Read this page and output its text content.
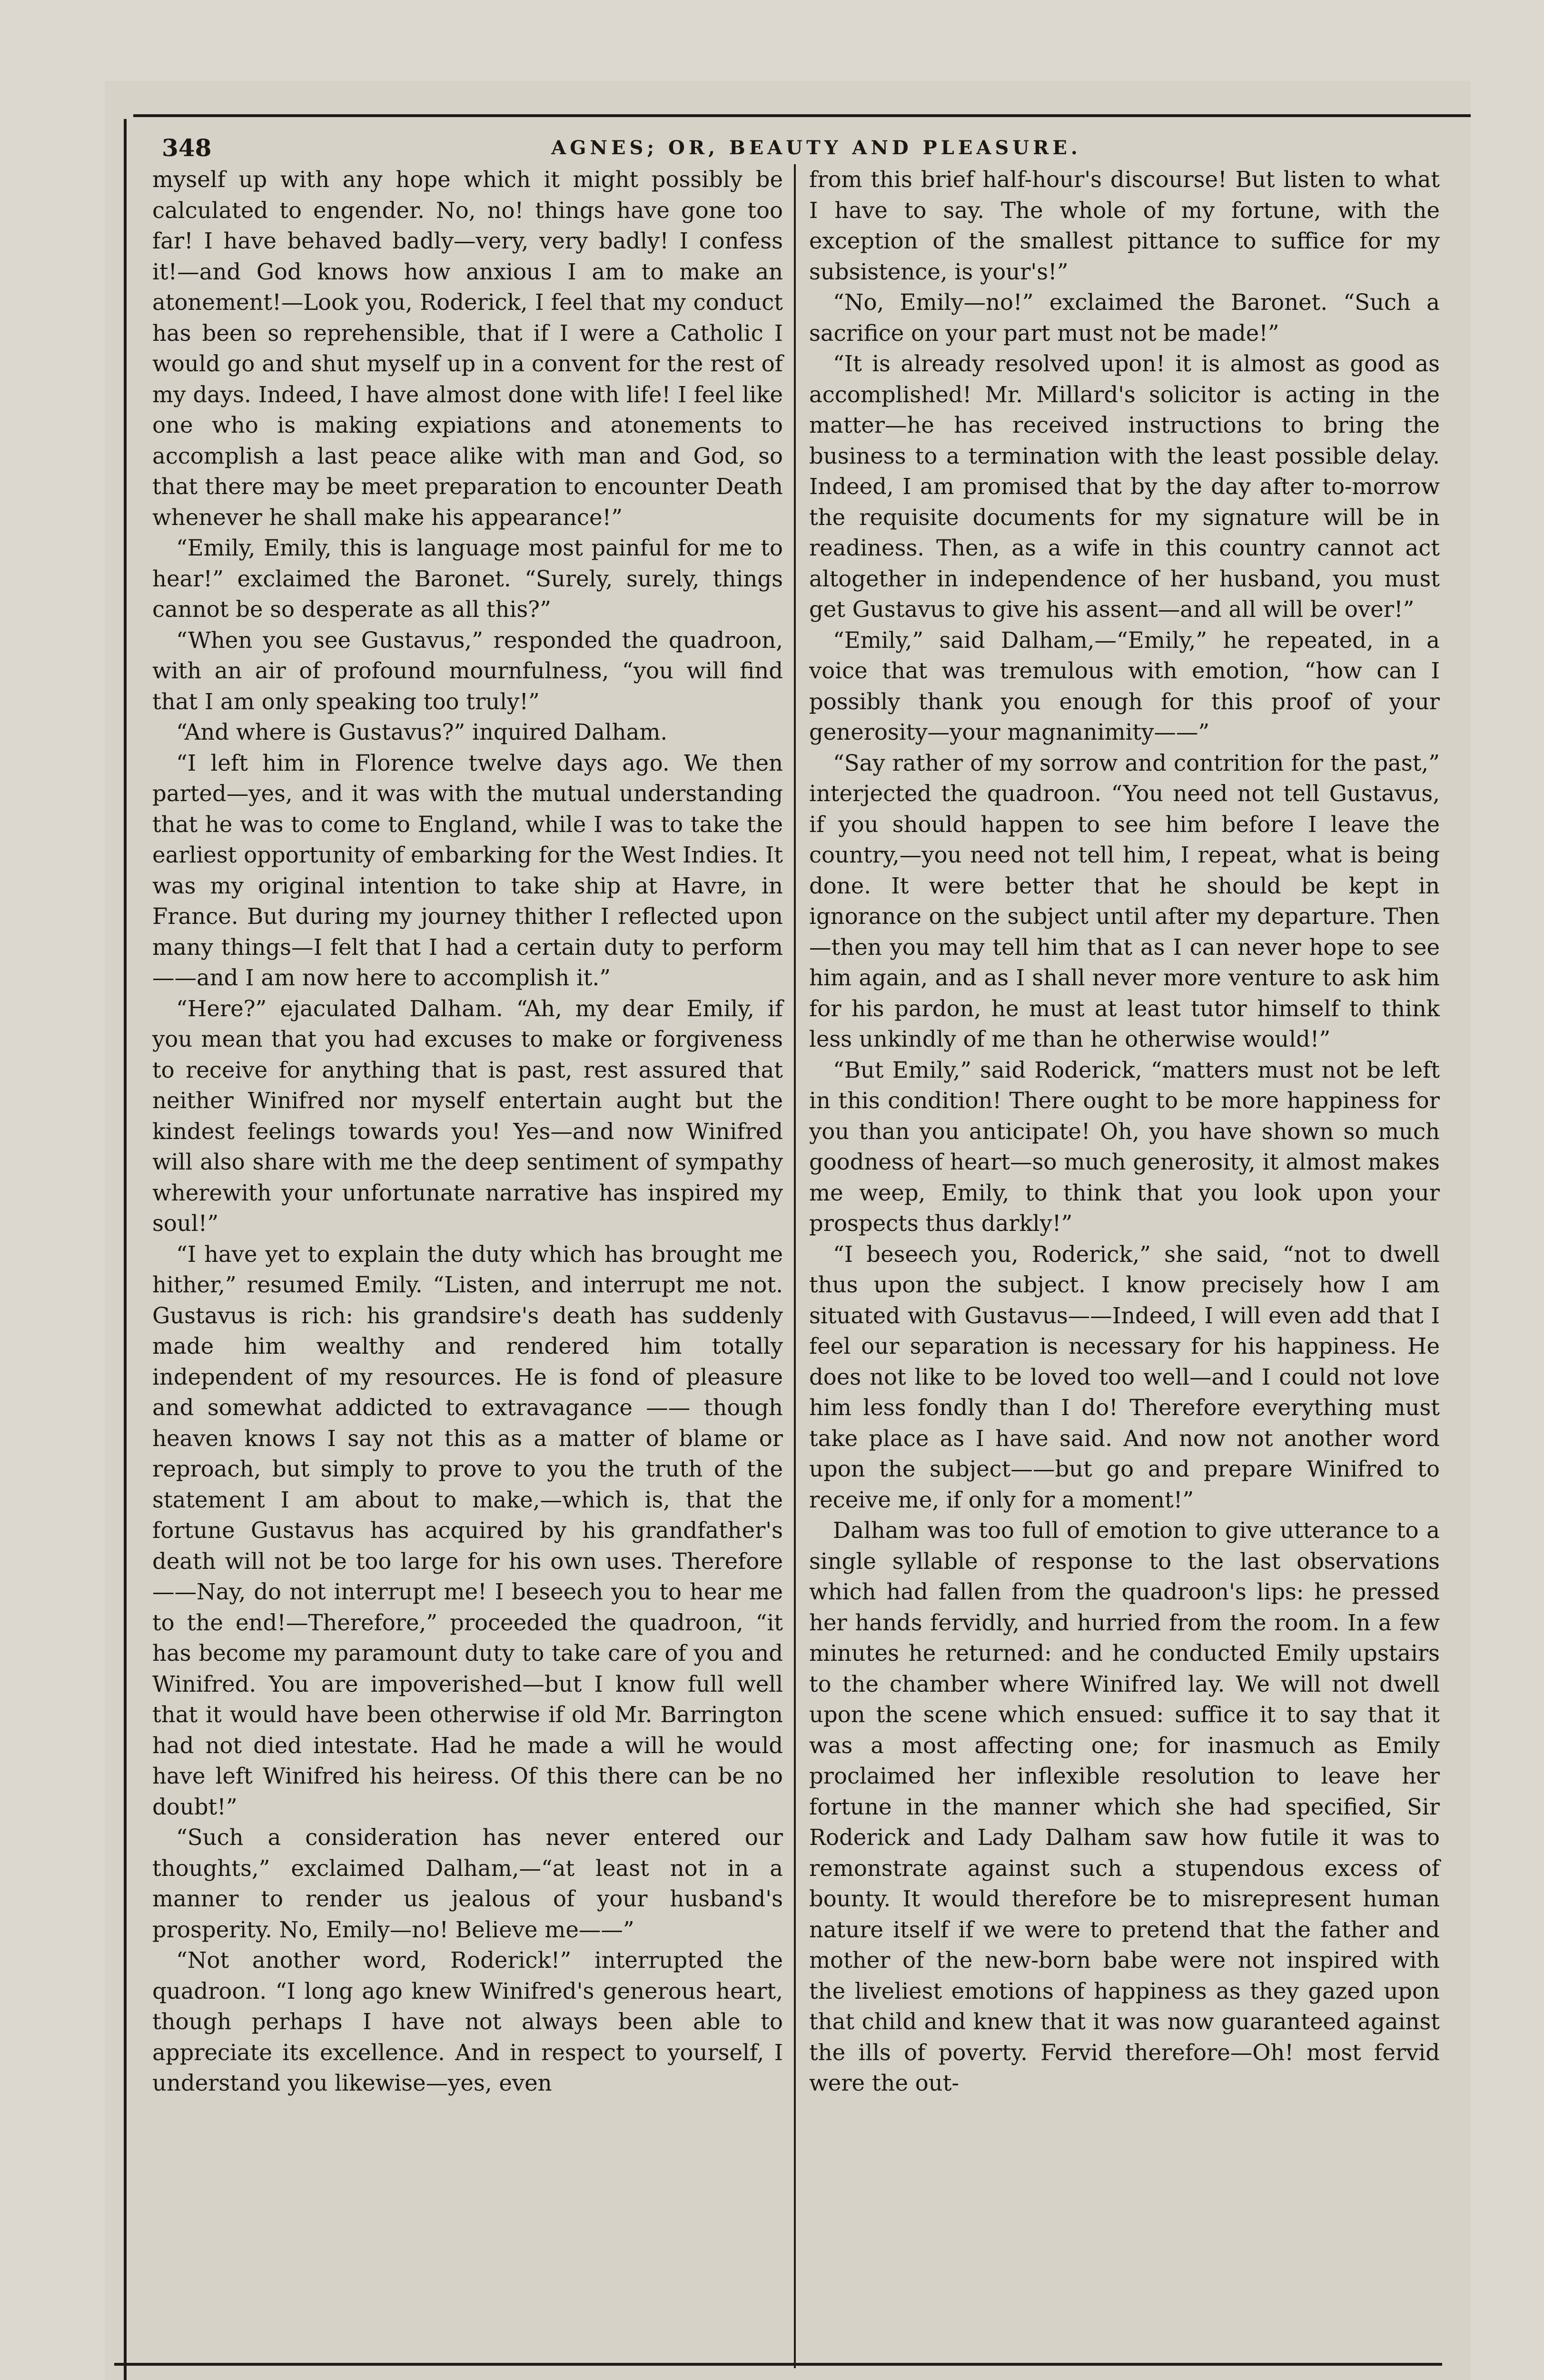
348	AGNES; OR, BEAUTY AND PLEASURE.

myself up with any hope which it might possibly be calculated to engender. No, no! things have gone too far! I have behaved badly—very, very badly! I confess it!—and God knows how anxious I am to make an atonement!—Look you, Roderick, I feel that my conduct has been so reprehensible, that if I were a Catholic I would go and shut myself up in a convent for the rest of my days. Indeed, I have almost done with life! I feel like one who is making expiations and atonements to accomplish a last peace alike with man and God, so that there may be meet preparation to encounter Death whenever he shall make his appearance!”

“Emily, Emily, this is language most painful for me to hear!” exclaimed the Baronet. “Surely, surely, things cannot be so desperate as all this?”

“When you see Gustavus,” responded the quadroon, with an air of profound mournfulness, “you will find that I am only speaking too truly!”

“And where is Gustavus?” inquired Dalham.

“I left him in Florence twelve days ago. We then parted—yes, and it was with the mutual understanding that he was to come to England, while I was to take the earliest opportunity of embarking for the West Indies. It was my original intention to take ship at Havre, in France. But during my journey thither I reflected upon many things—I felt that I had a certain duty to perform——and I am now here to accomplish it.”

“Here?” ejaculated Dalham. “Ah, my dear Emily, if you mean that you had excuses to make or forgiveness to receive for anything that is past, rest assured that neither Winifred nor myself entertain aught but the kindest feelings towards you! Yes—and now Winifred will also share with me the deep sentiment of sympathy wherewith your unfortunate narrative has inspired my soul!”

“I have yet to explain the duty which has brought me hither,” resumed Emily. “Listen, and interrupt me not. Gustavus is rich: his grandsire's death has suddenly made him wealthy and rendered him totally independent of my resources. He is fond of pleasure and somewhat addicted to extravagance —— though heaven knows I say not this as a matter of blame or reproach, but simply to prove to you the truth of the statement I am about to make,—which is, that the fortune Gustavus has acquired by his grandfather's death will not be too large for his own uses. Therefore——Nay, do not interrupt me! I beseech you to hear me to the end!—Therefore,” proceeded the quadroon, “it has become my paramount duty to take care of you and Winifred. You are impoverished—but I know full well that it would have been otherwise if old Mr. Barrington had not died intestate. Had he made a will he would have left Winifred his heiress. Of this there can be no doubt!”

“Such a consideration has never entered our thoughts,” exclaimed Dalham,—“at least not in a manner to render us jealous of your husband's prosperity. No, Emily—no! Believe me——”

“Not another word, Roderick!” interrupted the quadroon. “I long ago knew Winifred's generous heart, though perhaps I have not always been able to appreciate its excellence. And in respect to yourself, I understand you likewise—yes, even

from this brief half-hour's discourse! But listen to what I have to say. The whole of my fortune, with the exception of the smallest pittance to suffice for my subsistence, is your's!”

“No, Emily—no!” exclaimed the Baronet. “Such a sacrifice on your part must not be made!”

“It is already resolved upon! it is almost as good as accomplished! Mr. Millard's solicitor is acting in the matter—he has received instructions to bring the business to a termination with the least possible delay. Indeed, I am promised that by the day after to-morrow the requisite documents for my signature will be in readiness. Then, as a wife in this country cannot act altogether in independence of her husband, you must get Gustavus to give his assent—and all will be over!”

“Emily,” said Dalham,—“Emily,” he repeated, in a voice that was tremulous with emotion, “how can I possibly thank you enough for this proof of your generosity—your magnanimity——”

“Say rather of my sorrow and contrition for the past,” interjected the quadroon. “You need not tell Gustavus, if you should happen to see him before I leave the country,—you need not tell him, I repeat, what is being done. It were better that he should be kept in ignorance on the subject until after my departure. Then—then you may tell him that as I can never hope to see him again, and as I shall never more venture to ask him for his pardon, he must at least tutor himself to think less unkindly of me than he otherwise would!”

“But Emily,” said Roderick, “matters must not be left in this condition! There ought to be more happiness for you than you anticipate! Oh, you have shown so much goodness of heart—so much generosity, it almost makes me weep, Emily, to think that you look upon your prospects thus darkly!”

“I beseech you, Roderick,” she said, “not to dwell thus upon the subject. I know precisely how I am situated with Gustavus——Indeed, I will even add that I feel our separation is necessary for his happiness. He does not like to be loved too well—and I could not love him less fondly than I do! Therefore everything must take place as I have said. And now not another word upon the subject——but go and prepare Winifred to receive me, if only for a moment!”

Dalham was too full of emotion to give utterance to a single syllable of response to the last observations which had fallen from the quadroon's lips: he pressed her hands fervidly, and hurried from the room. In a few minutes he returned: and he conducted Emily upstairs to the chamber where Winifred lay. We will not dwell upon the scene which ensued: suffice it to say that it was a most affecting one; for inasmuch as Emily proclaimed her inflexible resolution to leave her fortune in the manner which she had specified, Sir Roderick and Lady Dalham saw how futile it was to remonstrate against such a stupendous excess of bounty. It would therefore be to misrepresent human nature itself if we were to pretend that the father and mother of the new-born babe were not inspired with the liveliest emotions of happiness as they gazed upon that child and knew that it was now guaranteed against the ills of poverty. Fervid therefore—Oh! most fervid were the out-
